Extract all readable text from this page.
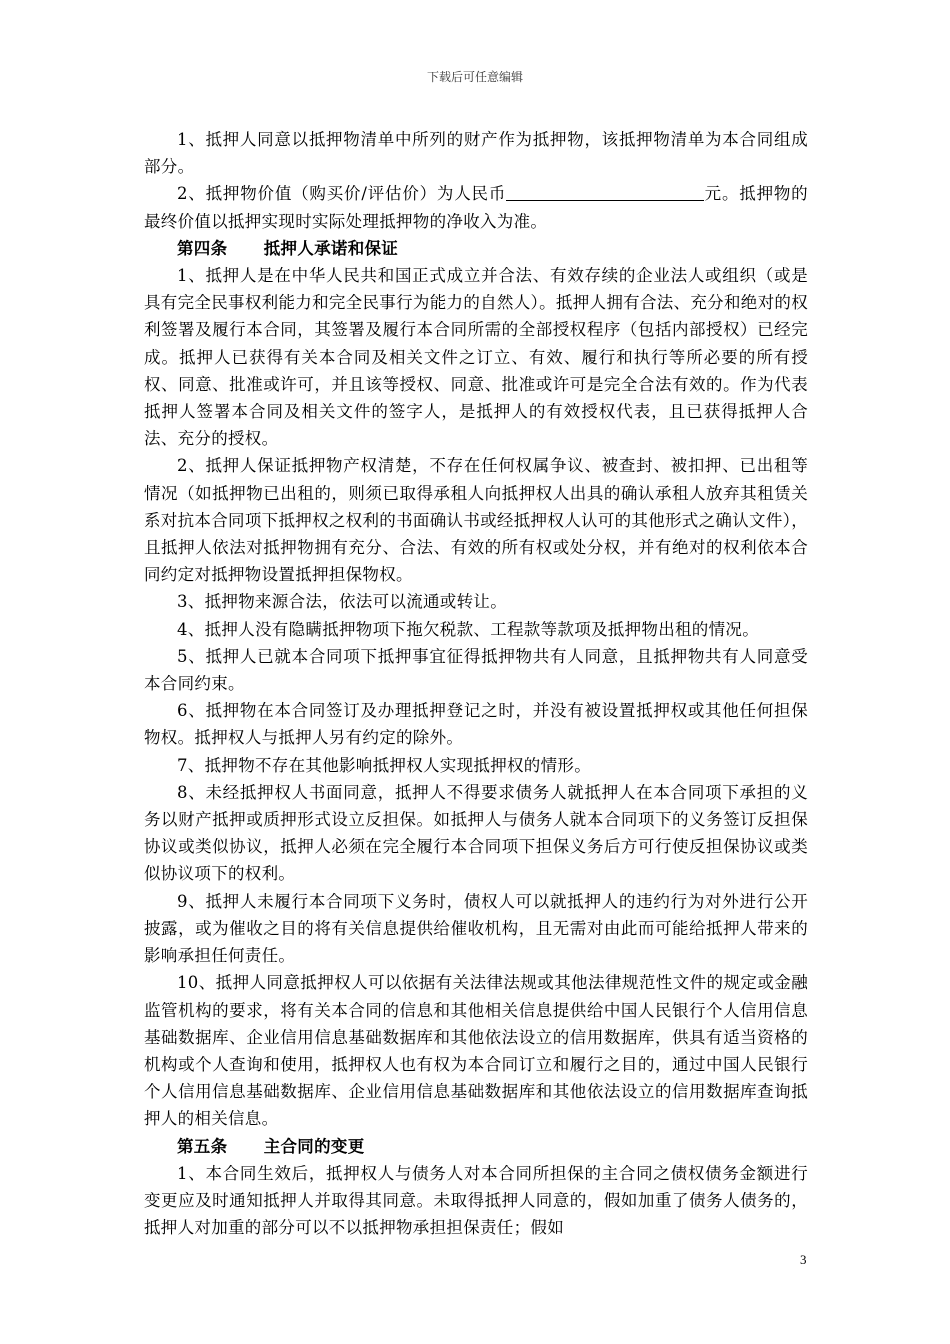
下载后可任意编辑

1、抵押人同意以抵押物清单中所列的财产作为抵押物，该抵押物清单为本合同组成部分。

2、抵押物价值（购买价/评估价）为人民币	元。抵押物的最终价值以抵押实现时实际处理抵押物的净收入为准。

第四条 抵押人承诺和保证

1、抵押人是在中华人民共和国正式成立并合法、有效存续的企业法人或组织（或是具有完全民事权利能力和完全民事行为能力的自然人）。抵押人拥有合法、充分和绝对的权利签署及履行本合同，其签署及履行本合同所需的全部授权程序（包括内部授权）已经完成。抵押人已获得有关本合同及相关文件之订立、有效、履行和执行等所必要的所有授权、同意、批准或许可，并且该等授权、同意、批准或许可是完全合法有效的。作为代表抵押人签署本合同及相关文件的签字人，是抵押人的有效授权代表，且已获得抵押人合法、充分的授权。

2、抵押人保证抵押物产权清楚，不存在任何权属争议、被查封、被扣押、已出租等情况（如抵押物已出租的，则须已取得承租人向抵押权人出具的确认承租人放弃其租赁关系对抗本合同项下抵押权之权利的书面确认书或经抵押权人认可的其他形式之确认文件），且抵押人依法对抵押物拥有充分、合法、有效的所有权或处分权，并有绝对的权利依本合同约定对抵押物设置抵押担保物权。

3、抵押物来源合法，依法可以流通或转让。

4、抵押人没有隐瞒抵押物项下拖欠税款、工程款等款项及抵押物出租的情况。

5、抵押人已就本合同项下抵押事宜征得抵押物共有人同意，且抵押物共有人同意受本合同约束。

6、抵押物在本合同签订及办理抵押登记之时，并没有被设置抵押权或其他任何担保物权。抵押权人与抵押人另有约定的除外。

7、抵押物不存在其他影响抵押权人实现抵押权的情形。

8、未经抵押权人书面同意，抵押人不得要求债务人就抵押人在本合同项下承担的义务以财产抵押或质押形式设立反担保。如抵押人与债务人就本合同项下的义务签订反担保协议或类似协议，抵押人必须在完全履行本合同项下担保义务后方可行使反担保协议或类似协议项下的权利。

9、抵押人未履行本合同项下义务时，债权人可以就抵押人的违约行为对外进行公开披露，或为催收之目的将有关信息提供给催收机构，且无需对由此而可能给抵押人带来的影响承担任何责任。

10、抵押人同意抵押权人可以依据有关法律法规或其他法律规范性文件的规定或金融监管机构的要求，将有关本合同的信息和其他相关信息提供给中国人民银行个人信用信息基础数据库、企业信用信息基础数据库和其他依法设立的信用数据库，供具有适当资格的机构或个人查询和使用，抵押权人也有权为本合同订立和履行之目的，通过中国人民银行个人信用信息基础数据库、企业信用信息基础数据库和其他依法设立的信用数据库查询抵押人的相关信息。

第五条 主合同的变更

1、本合同生效后，抵押权人与债务人对本合同所担保的主合同之债权债务金额进行变更应及时通知抵押人并取得其同意。未取得抵押人同意的，假如加重了债务人债务的，抵押人对加重的部分可以不以抵押物承担担保责任；假如

3
